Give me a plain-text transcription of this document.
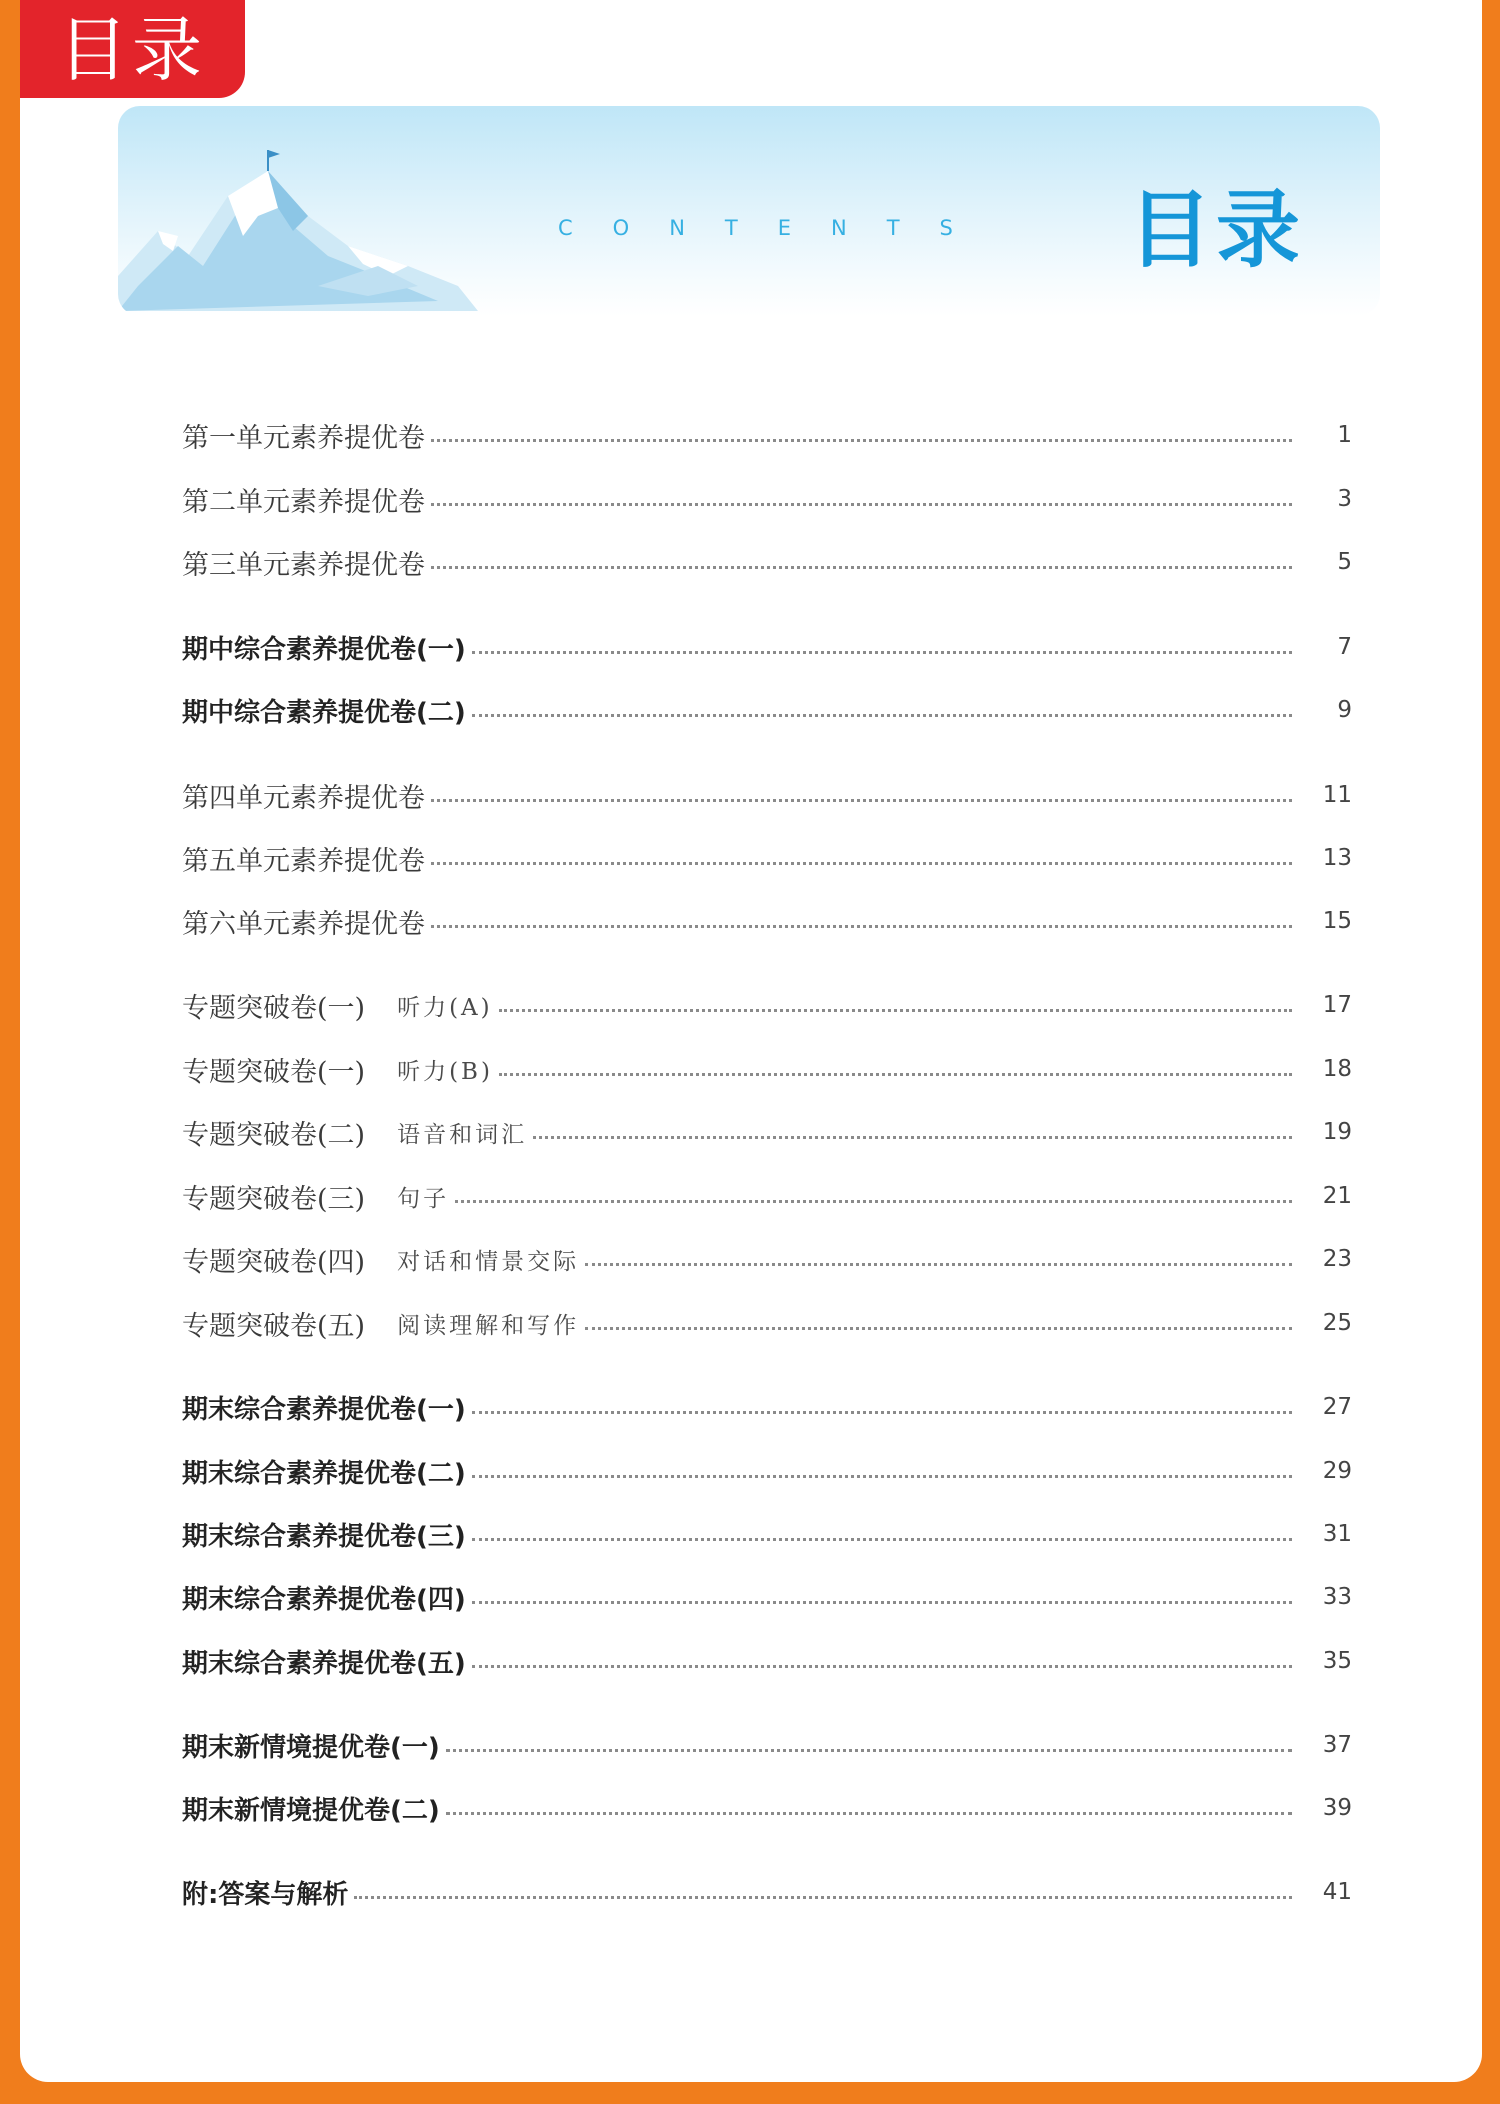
目录
CONTENTS 目录
第一单元素养提优卷	1
第二单元素养提优卷	3
第三单元素养提优卷	5
期中综合素养提优卷(一)	7
期中综合素养提优卷(二)	9
第四单元素养提优卷	11
第五单元素养提优卷	13
第六单元素养提优卷	15
专题突破卷(一) 听力(A)	17
专题突破卷(一) 听力(B)	18
专题突破卷(二) 语音和词汇	19
专题突破卷(三) 句子	21
专题突破卷(四) 对话和情景交际	23
专题突破卷(五) 阅读理解和写作	25
期末综合素养提优卷(一)	27
期末综合素养提优卷(二)	29
期末综合素养提优卷(三)	31
期末综合素养提优卷(四)	33
期末综合素养提优卷(五)	35
期末新情境提优卷(一)	37
期末新情境提优卷(二)	39
附:答案与解析	41
